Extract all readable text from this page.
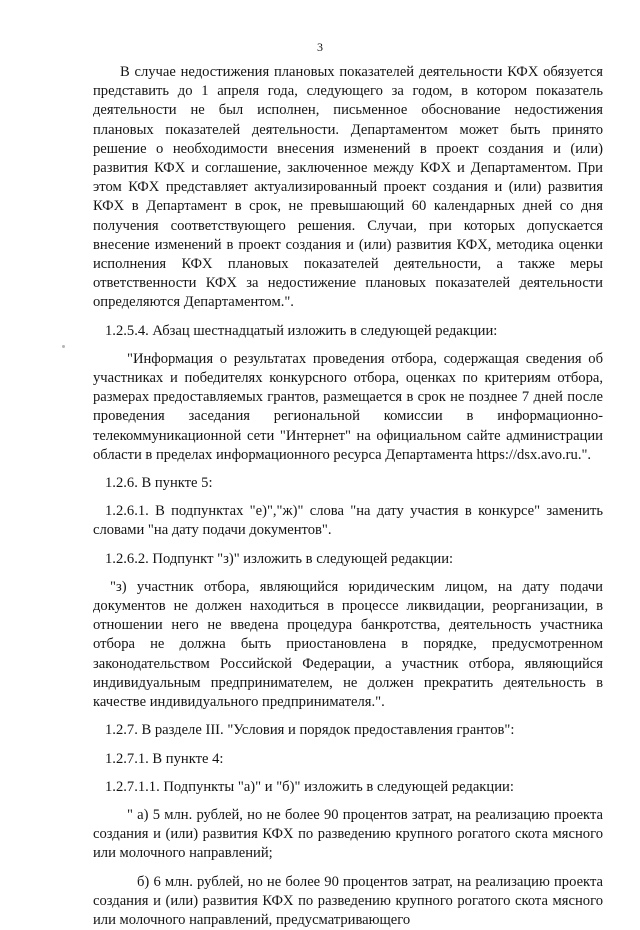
3

В случае недостижения плановых показателей деятельности КФХ обязуется представить до 1 апреля года, следующего за годом, в котором показатель деятельности не был исполнен, письменное обоснование недостижения плановых показателей деятельности. Департаментом может быть принято решение о необходимости внесения изменений в проект создания и (или) развития КФХ и соглашение, заключенное между КФХ и Департаментом. При этом КФХ представляет актуализированный проект создания и (или) развития КФХ в Департамент в срок, не превышающий 60 календарных дней со дня получения соответствующего решения. Случаи, при которых допускается внесение изменений в проект создания и (или) развития КФХ, методика оценки исполнения КФХ плановых показателей деятельности, а также меры ответственности КФХ за недостижение плановых показателей деятельности определяются Департаментом.".

1.2.5.4. Абзац шестнадцатый изложить в следующей редакции:

"Информация о результатах проведения отбора, содержащая сведения об участниках и победителях конкурсного отбора, оценках по критериям отбора, размерах предоставляемых грантов, размещается в срок не позднее 7 дней после проведения заседания региональной комиссии в информационно-телекоммуникационной сети "Интернет" на официальном сайте администрации области в пределах информационного ресурса Департамента https://dsx.avo.ru.".

1.2.6. В пункте 5:

1.2.6.1. В подпунктах "е)","ж)" слова "на дату участия в конкурсе" заменить словами "на дату подачи документов".

1.2.6.2. Подпункт "з)" изложить в следующей редакции:

"з) участник отбора, являющийся юридическим лицом, на дату подачи документов не должен находиться в процессе ликвидации, реорганизации, в отношении него не введена процедура банкротства, деятельность участника отбора не должна быть приостановлена в порядке, предусмотренном законодательством Российской Федерации, а участник отбора, являющийся индивидуальным предпринимателем, не должен прекратить деятельность в качестве индивидуального предпринимателя.".

1.2.7. В разделе III. "Условия и порядок предоставления грантов":

1.2.7.1. В пункте 4:

1.2.7.1.1. Подпункты "а)" и "б)" изложить в следующей редакции:

" а) 5 млн. рублей, но не более 90 процентов затрат, на реализацию проекта создания и (или) развития КФХ по разведению крупного рогатого скота мясного или молочного направлений;

б) 6 млн. рублей, но не более 90 процентов затрат, на реализацию проекта создания и (или) развития КФХ по разведению крупного рогатого скота мясного или молочного направлений, предусматривающего
